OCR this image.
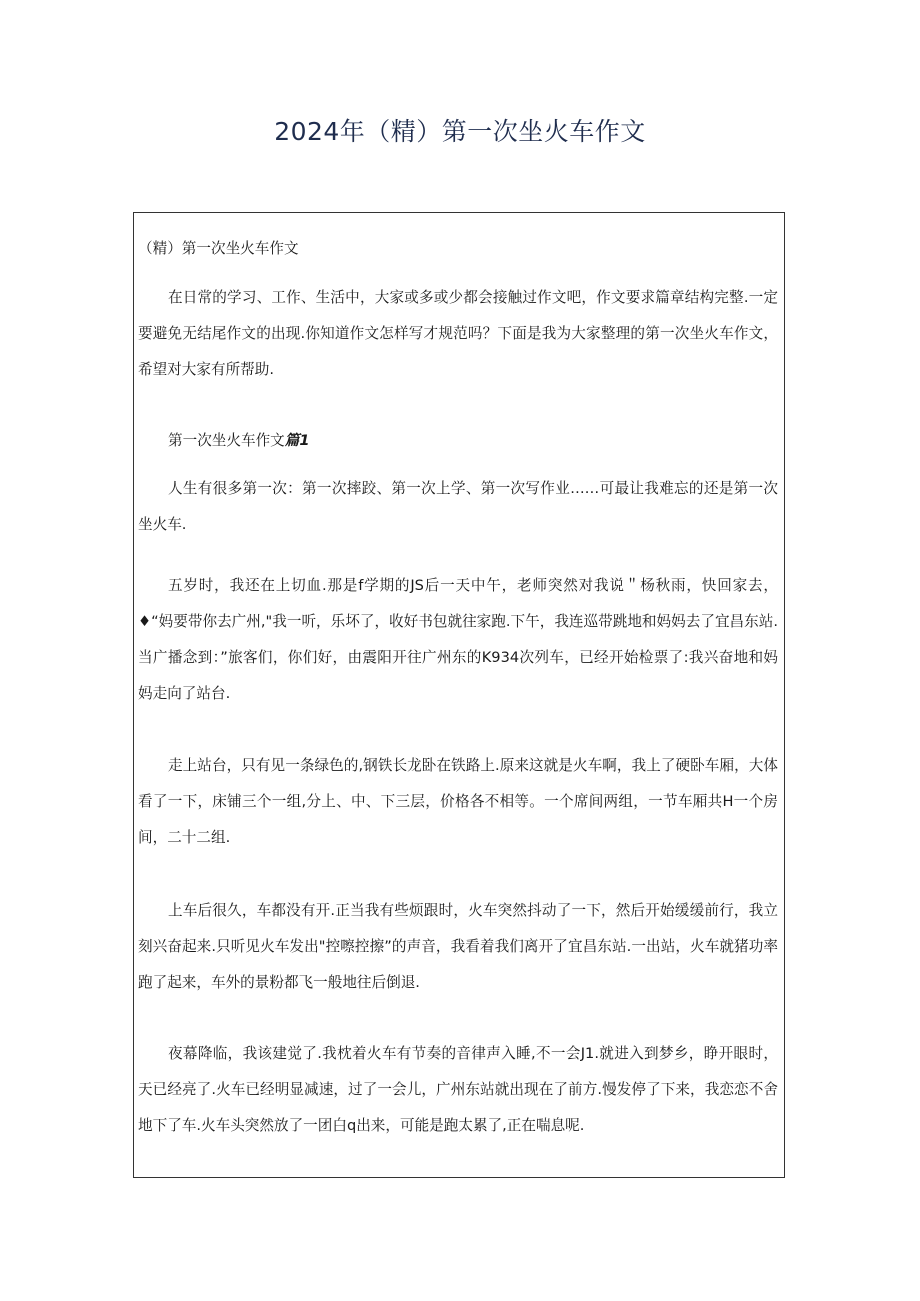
2024年（精）第一次坐火车作文

（精）第一次坐火车作文

在日常的学习、工作、生活中，大家或多或少都会接触过作文吧，作文要求篇章结构完整.一定要避免无结尾作文的出现.你知道作文怎样写才规范吗？下面是我为大家整理的第一次坐火车作文，希望对大家有所帮助.

第一次坐火车作文篇1

人生有很多第一次：第一次摔跤、第一次上学、第一次写作业……可最让我难忘的还是第一次坐火车.

五岁时，我还在上切血.那是f学期的JS后一天中午，老师突然对我说＂杨秋雨，快回家去，♦“妈要带你去广州,"我一听，乐坏了，收好书包就往家跑.下午，我连巡带跳地和妈妈去了宜昌东站.当广播念到：”旅客们，你们好，由震阳开往广州东的K934次列车，已经开始检票了:我兴奋地和妈妈走向了站台.

走上站台，只有见一条绿色的,钢铁长龙卧在铁路上.原来这就是火车啊，我上了硬卧车厢，大体看了一下，床铺三个一组,分上、中、下三层，价格各不相等。一个席间两组，一节车厢共H一个房间，二十二组.

上车后很久，车都没有开.正当我有些烦跟时，火车突然抖动了一下，然后开始缓缓前行，我立刻兴奋起来.只听见火车发出"控嚓控擦”的声音，我看着我们离开了宜昌东站.一出站，火车就猪功率跑了起来，车外的景粉都飞一般地往后倒退.

夜幕降临，我该建觉了.我枕着火车有节奏的音律声入睡,不一会J1.就进入到梦乡，睁开眼时，天已经亮了.火车已经明显减速，过了一会儿，广州东站就出现在了前方.慢发停了下来，我恋恋不舍地下了车.火车头突然放了一团白q出来，可能是跑太累了,正在喘息呢.
